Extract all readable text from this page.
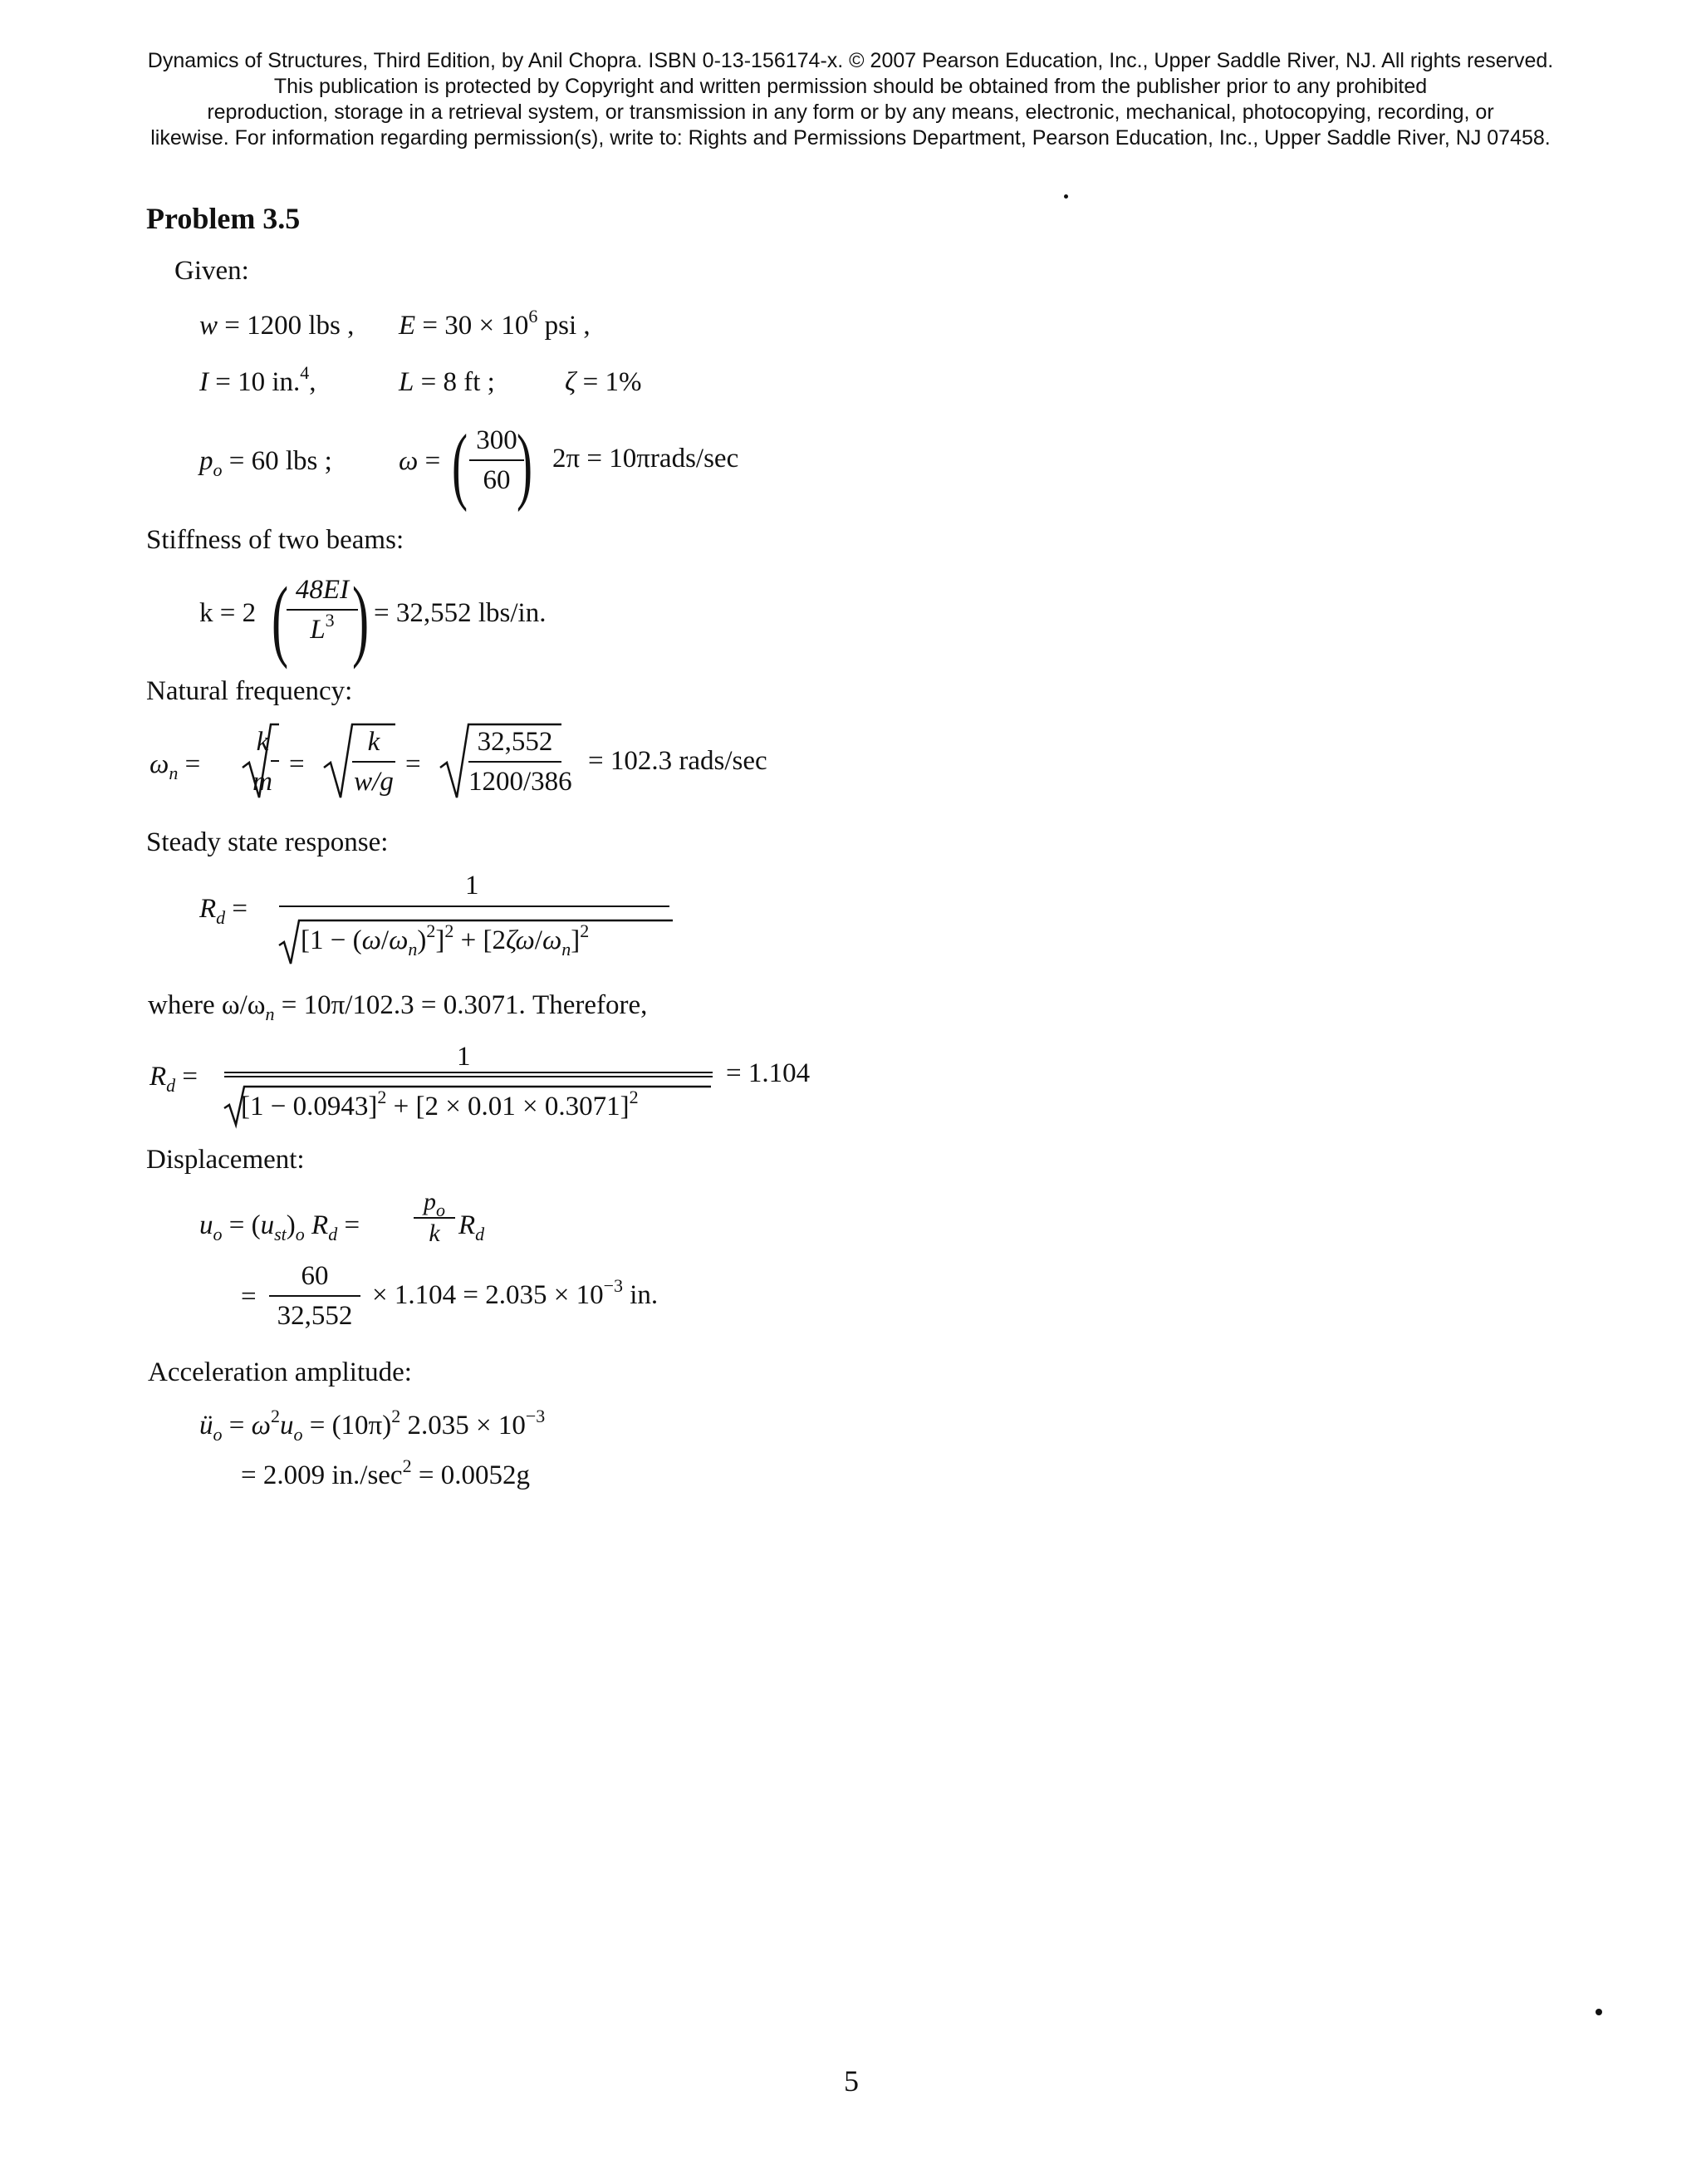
Dynamics of Structures, Third Edition, by Anil Chopra. ISBN 0-13-156174-x. © 2007 Pearson Education, Inc., Upper Saddle River, NJ. All rights reserved.
This publication is protected by Copyright and written permission should be obtained from the publisher prior to any prohibited
reproduction, storage in a retrieval system, or transmission in any form or by any means, electronic, mechanical, photocopying, recording, or
likewise. For information regarding permission(s), write to: Rights and Permissions Department, Pearson Education, Inc., Upper Saddle River, NJ 07458.
Problem 3.5
Given:
w = 1200 lbs , $E = 30 \times 10^6$ psi ,
I = 10 in.$^4$,	L = 8 ft ;	ζ = 1%
$p_o = 60$ lbs ; ω = ( 300
60 ) 2π = 10πrads/sec
Stiffness of two beams:
k = 2 ( 48EI
$L^3$ ) = 32,552 lbs/in.
Natural frequency:
$\omega_n$ =
k
m
=
k
w/g
=
32,552
1200/386
= 102.3 rads/sec
Steady state response:
$R_d$ =
1
$[1 - (\omega/\omega_n)^2]^2 + [2\zeta\omega/\omega_n]^2$
where $\omega/\omega_n = 10\pi/102.3 = 0.3071$. Therefore,
$R_d$ =
1
$[1 - 0.0943]^2 + [2 \times 0.01 \times 0.3071]^2$
= 1.104
Displacement:
$u_o = (u_{st})_o$ $R_d$ =
$p_o$
k $R_d$
=
60
32,552
× $1.104 = 2.035 \times 10^{-3}$ in.
Acceleration amplitude:
$ü_o = \omega^2u_o = (10\pi)^2$ $2.035 \times 10^{-3}$
= 2.009 $in./\sec^2 = 0.0052g$
5
